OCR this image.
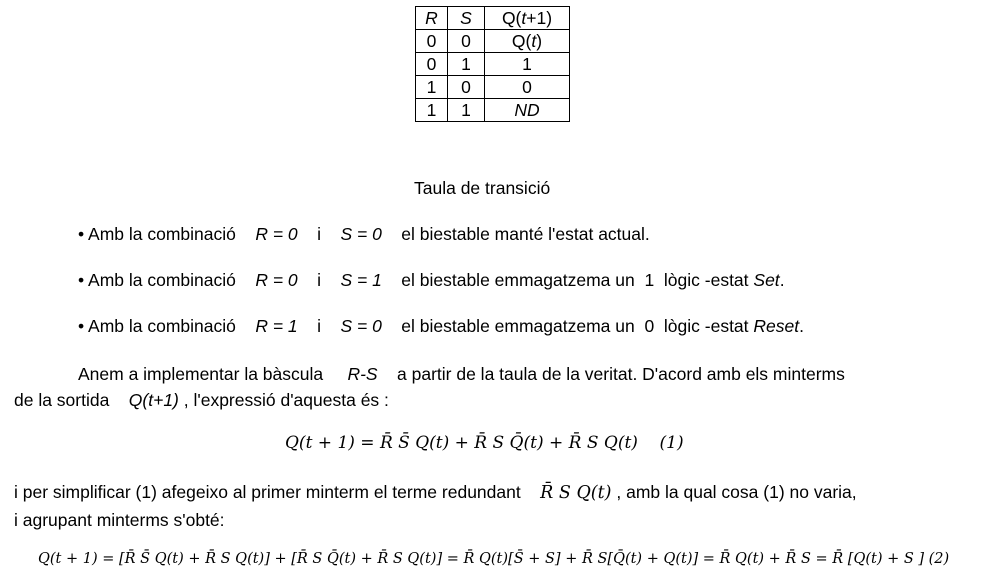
R	S	Q(t+1)
0	0	Q(t)
0	1	1
1	0	0
1	1	ND
Taula de transició
• Amb la combinació R = 0 i S = 0 el biestable manté l'estat actual.
• Amb la combinació R = 0 i S = 1 el biestable emmagatzema un  1  lògic -estat Set.
• Amb la combinació R = 1 i S = 0 el biestable emmagatzema un  0  lògic -estat Reset.
Anem a implementar la bàscula R-S a partir de la taula de la veritat. D'acord amb els minterms
de la sortida Q(t+1) , l'expressió d'aquesta és :
Q(t + 1) = R̄ S̄ Q(t) + R̄ S Q̄(t) + R̄ S Q(t)    (1)
i per simplificar (1) afegeixo al primer minterm el terme redundant R̄ S Q(t) , amb la qual cosa (1) no varia,
i agrupant minterms s'obté:
Q(t + 1) = [R̄ S̄ Q(t) + R̄ S Q(t)] + [R̄ S Q̄(t) + R̄ S Q(t)] = R̄ Q(t)[S̄ + S] + R̄ S[Q̄(t) + Q(t)] = R̄ Q(t) + R̄ S = R̄ [Q(t) + S ] (2)
